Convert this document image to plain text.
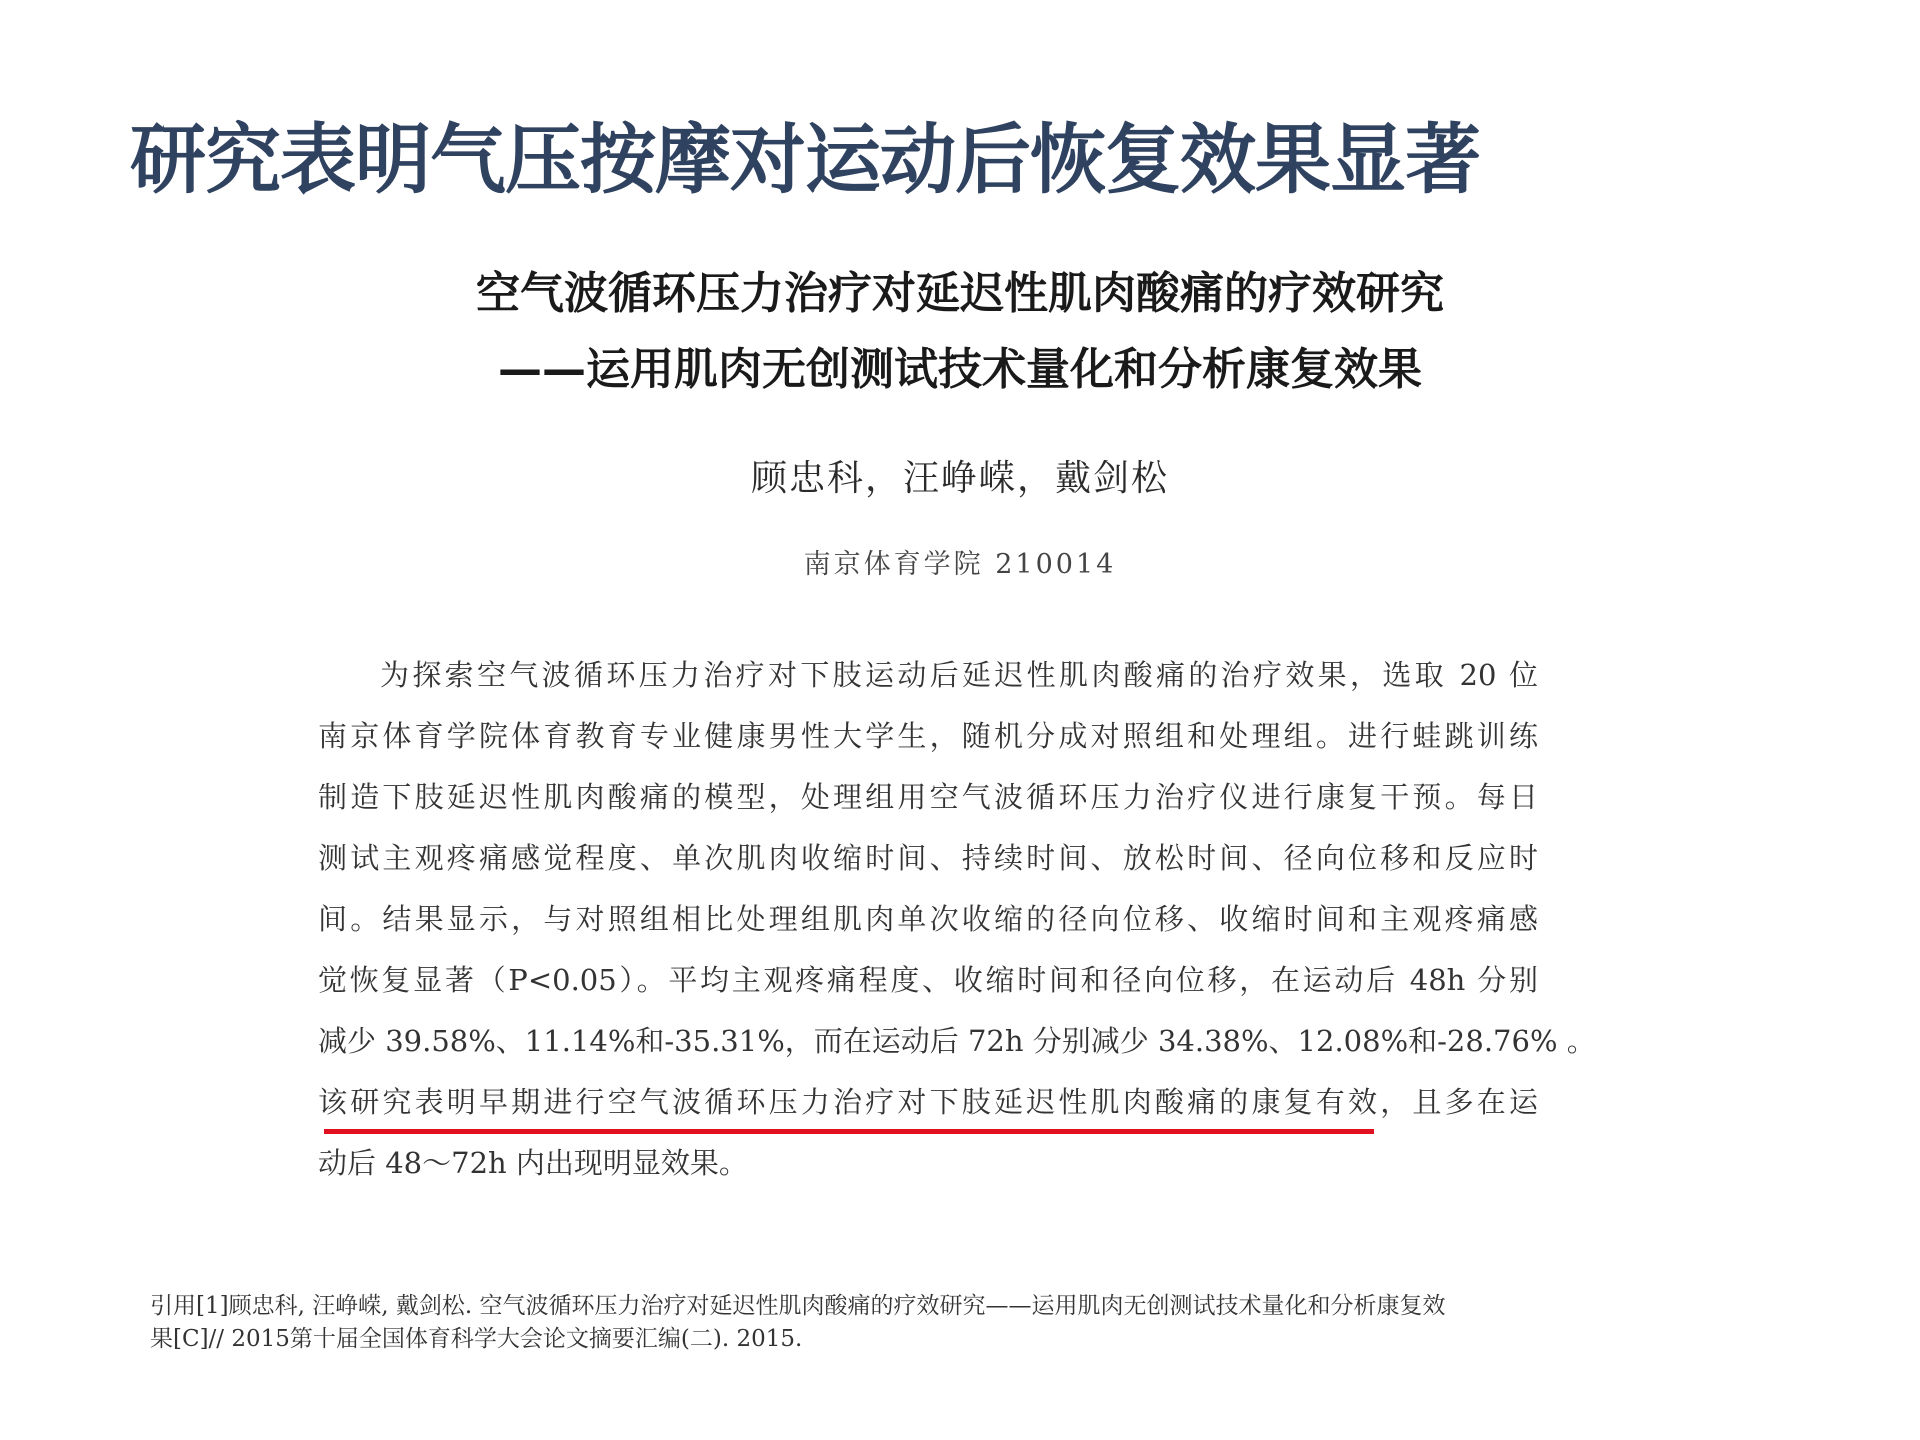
研究表明气压按摩对运动后恢复效果显著
空气波循环压力治疗对延迟性肌肉酸痛的疗效研究
——运用肌肉无创测试技术量化和分析康复效果
顾忠科，汪峥嵘，戴剑松
南京体育学院 210014
为探索空气波循环压力治疗对下肢运动后延迟性肌肉酸痛的治疗效果，选取 20 位
南京体育学院体育教育专业健康男性大学生，随机分成对照组和处理组。进行蛙跳训练
制造下肢延迟性肌肉酸痛的模型，处理组用空气波循环压力治疗仪进行康复干预。每日
测试主观疼痛感觉程度、单次肌肉收缩时间、持续时间、放松时间、径向位移和反应时
间。结果显示，与对照组相比处理组肌肉单次收缩的径向位移、收缩时间和主观疼痛感
觉恢复显著（P<0.05）。平均主观疼痛程度、收缩时间和径向位移，在运动后 48h 分别
减少 39.58%、11.14%和-35.31%，而在运动后 72h 分别减少 34.38%、12.08%和-28.76% 。
该研究表明早期进行空气波循环压力治疗对下肢延迟性肌肉酸痛的康复有效，且多在运
动后 48～72h 内出现明显效果。
引用[1]顾忠科, 汪峥嵘, 戴剑松. 空气波循环压力治疗对延迟性肌肉酸痛的疗效研究——运用肌肉无创测试技术量化和分析康复效
果[C]// 2015第十届全国体育科学大会论文摘要汇编(二). 2015.
